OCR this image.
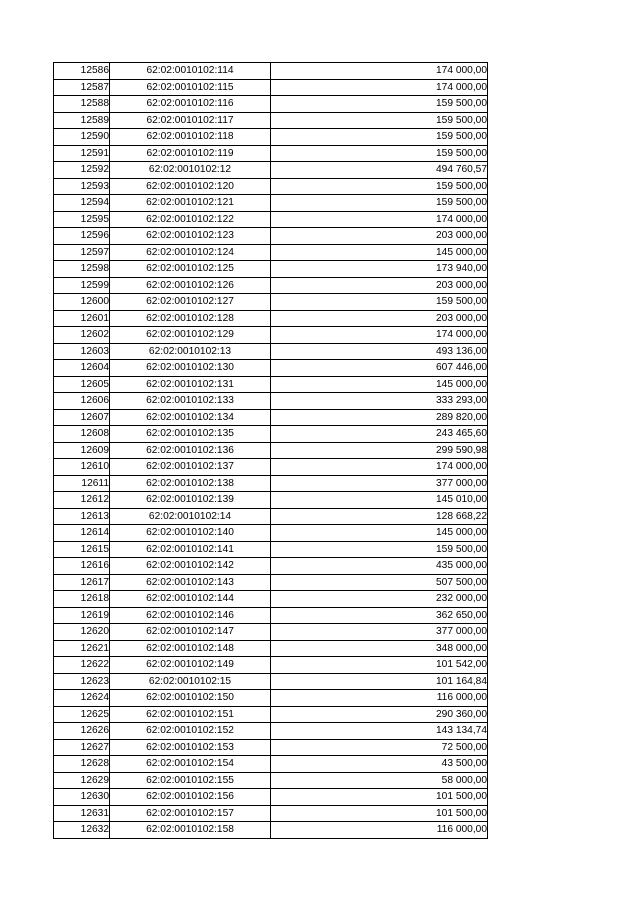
12586	62:02:0010102:114	174 000,00
12587	62:02:0010102:115	174 000,00
12588	62:02:0010102:116	159 500,00
12589	62:02:0010102:117	159 500,00
12590	62:02:0010102:118	159 500,00
12591	62:02:0010102:119	159 500,00
12592	62:02:0010102:12	494 760,57
12593	62:02:0010102:120	159 500,00
12594	62:02:0010102:121	159 500,00
12595	62:02:0010102:122	174 000,00
12596	62:02:0010102:123	203 000,00
12597	62:02:0010102:124	145 000,00
12598	62:02:0010102:125	173 940,00
12599	62:02:0010102:126	203 000,00
12600	62:02:0010102:127	159 500,00
12601	62:02:0010102:128	203 000,00
12602	62:02:0010102:129	174 000,00
12603	62:02:0010102:13	493 136,00
12604	62:02:0010102:130	607 446,00
12605	62:02:0010102:131	145 000,00
12606	62:02:0010102:133	333 293,00
12607	62:02:0010102:134	289 820,00
12608	62:02:0010102:135	243 465,60
12609	62:02:0010102:136	299 590,98
12610	62:02:0010102:137	174 000,00
12611	62:02:0010102:138	377 000,00
12612	62:02:0010102:139	145 010,00
12613	62:02:0010102:14	128 668,22
12614	62:02:0010102:140	145 000,00
12615	62:02:0010102:141	159 500,00
12616	62:02:0010102:142	435 000,00
12617	62:02:0010102:143	507 500,00
12618	62:02:0010102:144	232 000,00
12619	62:02:0010102:146	362 650,00
12620	62:02:0010102:147	377 000,00
12621	62:02:0010102:148	348 000,00
12622	62:02:0010102:149	101 542,00
12623	62:02:0010102:15	101 164,84
12624	62:02:0010102:150	116 000,00
12625	62:02:0010102:151	290 360,00
12626	62:02:0010102:152	143 134,74
12627	62:02:0010102:153	72 500,00
12628	62:02:0010102:154	43 500,00
12629	62:02:0010102:155	58 000,00
12630	62:02:0010102:156	101 500,00
12631	62:02:0010102:157	101 500,00
12632	62:02:0010102:158	116 000,00
